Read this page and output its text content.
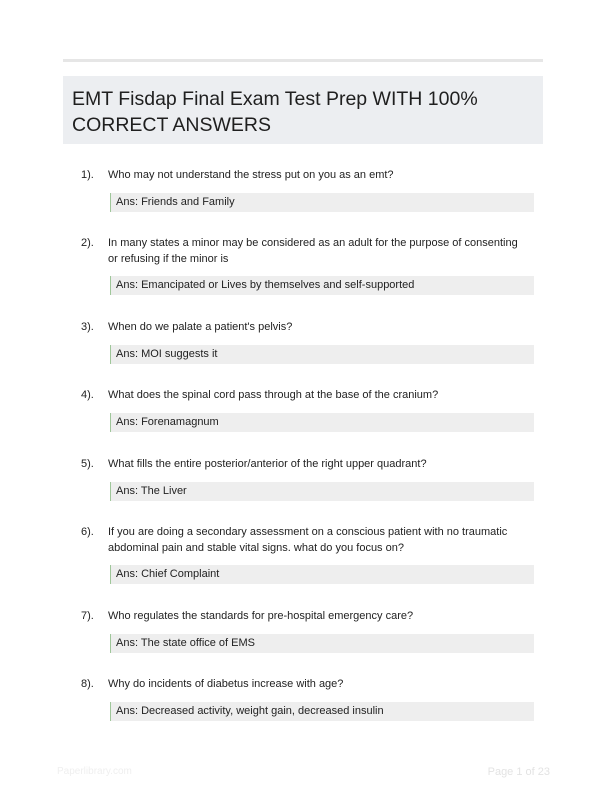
EMT Fisdap Final Exam Test Prep WITH 100% CORRECT ANSWERS
1). Who may not understand the stress put on you as an emt?
Ans: Friends and Family
2). In many states a minor may be considered as an adult for the purpose of consenting or refusing if the minor is
Ans: Emancipated or Lives by themselves and self-supported
3). When do we palate a patient's pelvis?
Ans: MOI suggests it
4). What does the spinal cord pass through at the base of the cranium?
Ans: Forenamagnum
5). What fills the entire posterior/anterior of the right upper quadrant?
Ans: The Liver
6). If you are doing a secondary assessment on a conscious patient with no traumatic abdominal pain and stable vital signs. what do you focus on?
Ans: Chief Complaint
7). Who regulates the standards for pre-hospital emergency care?
Ans: The state office of EMS
8). Why do incidents of diabetus increase with age?
Ans: Decreased activity, weight gain, decreased insulin
Paperlibrary.com	Page 1 of 23
